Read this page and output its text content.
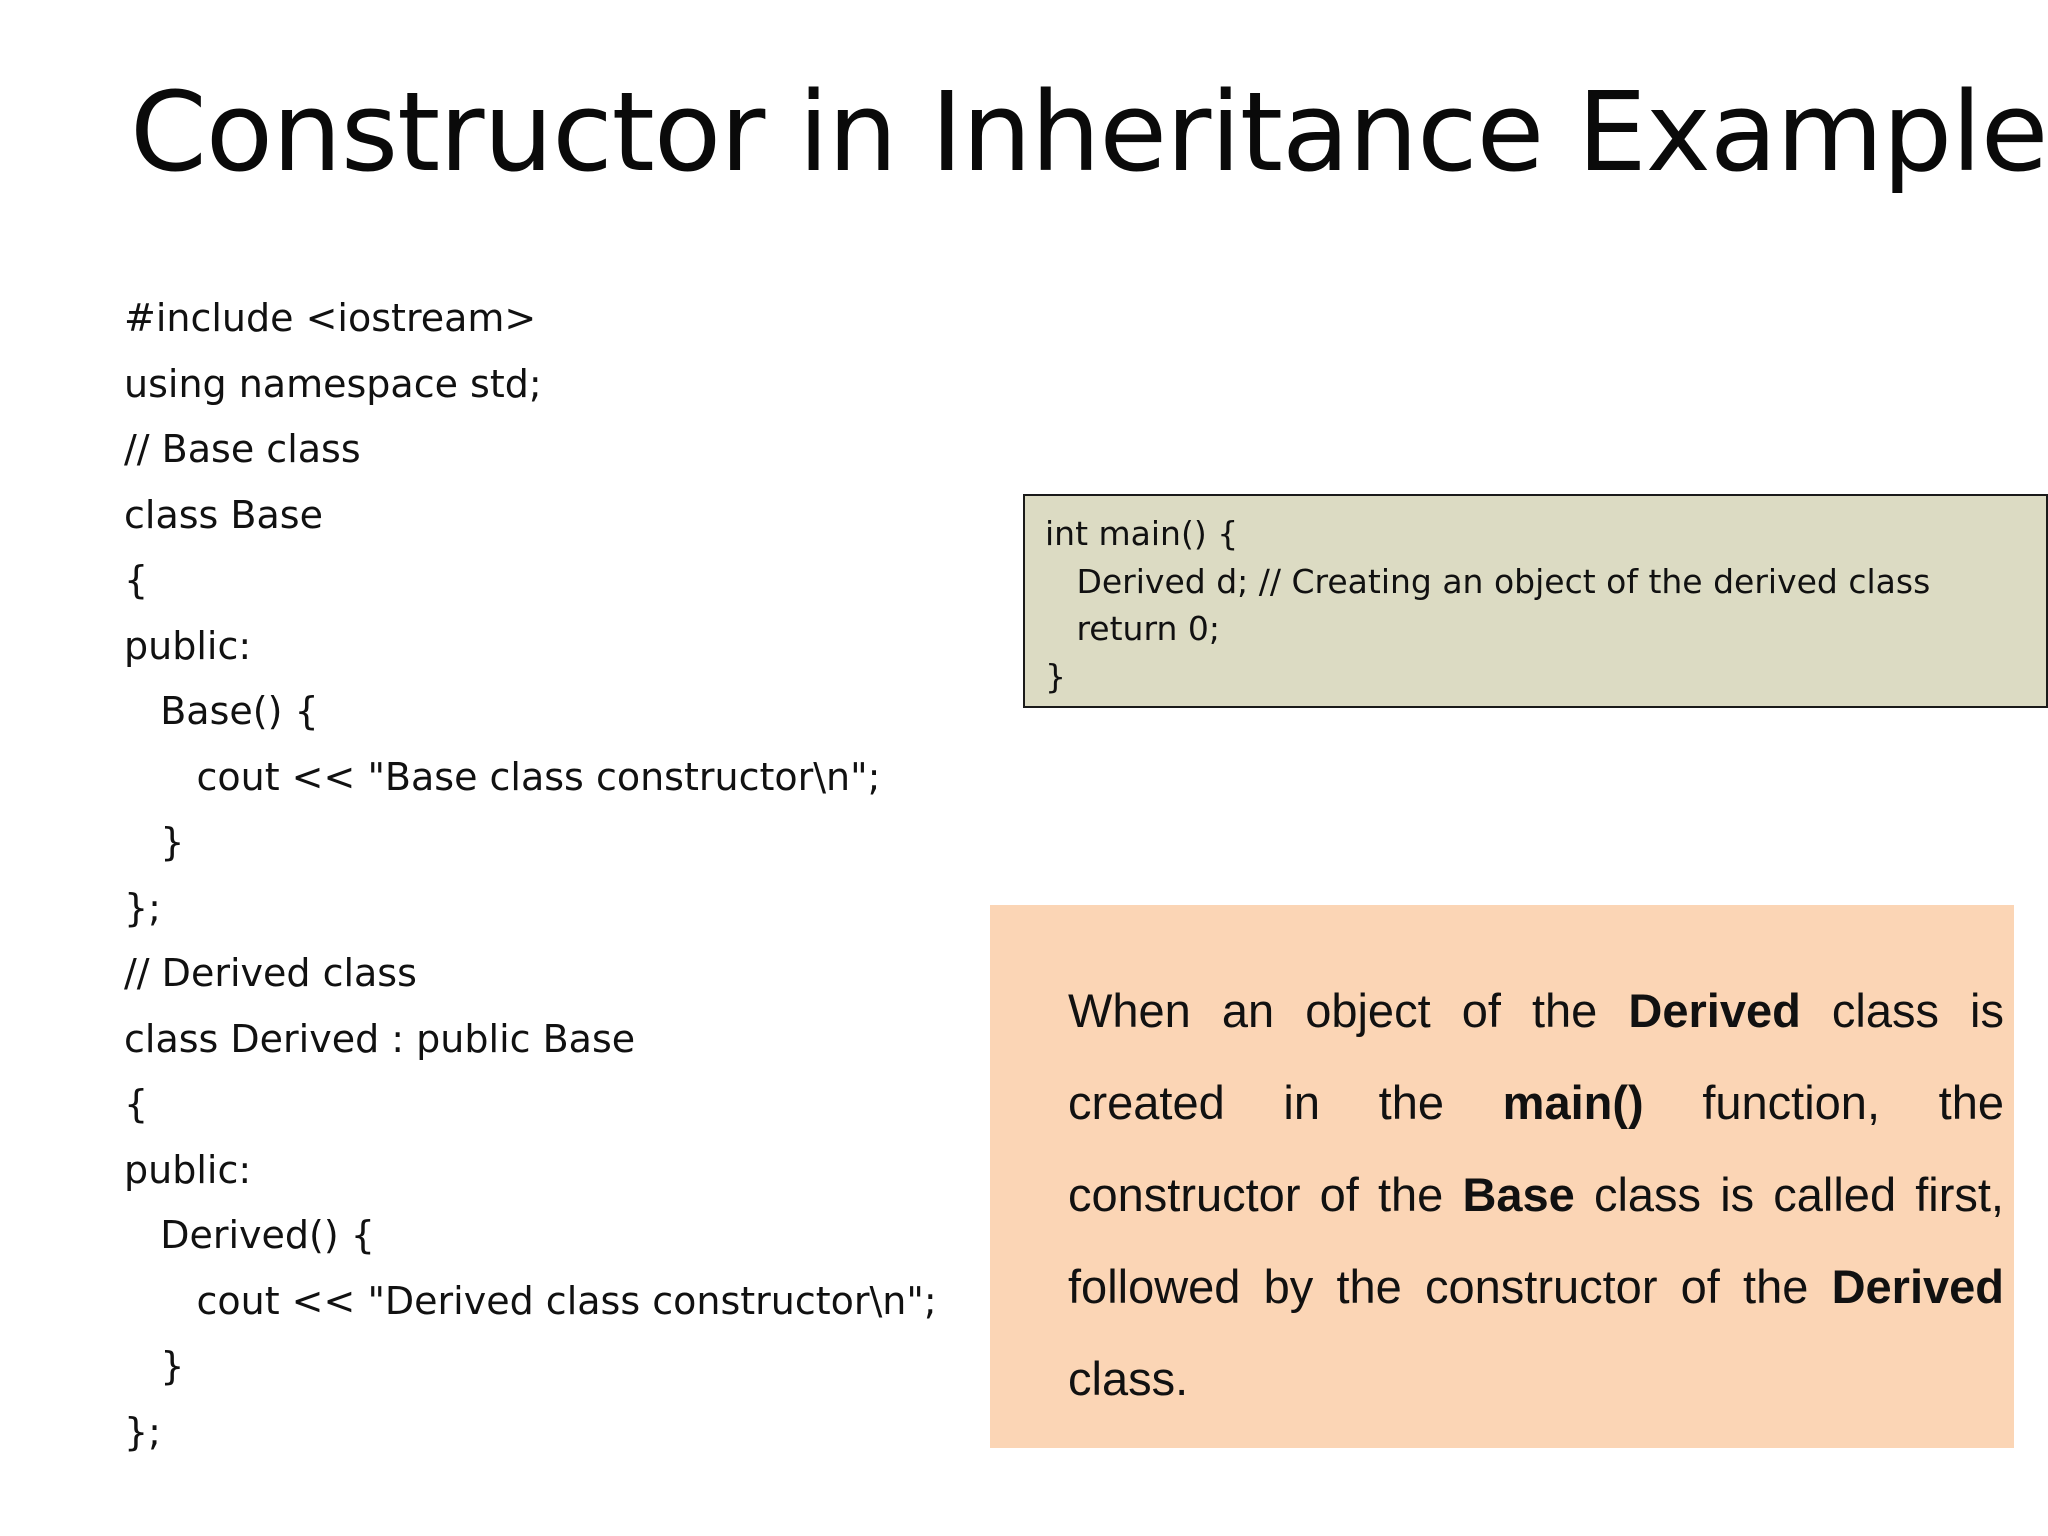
Constructor in Inheritance Example
#include <iostream>
using namespace std;
// Base class
class Base
{
public:
Base() {
cout << "Base class constructor\n";
}
};
// Derived class
class Derived : public Base
{
public:
Derived() {
cout << "Derived class constructor\n";
}
};
int main() {
Derived d; // Creating an object of the derived class
return 0;
}

When an object of the Derived class is created in the main() function, the constructor of the Base class is called first, followed by the constructor of the Derived class.
